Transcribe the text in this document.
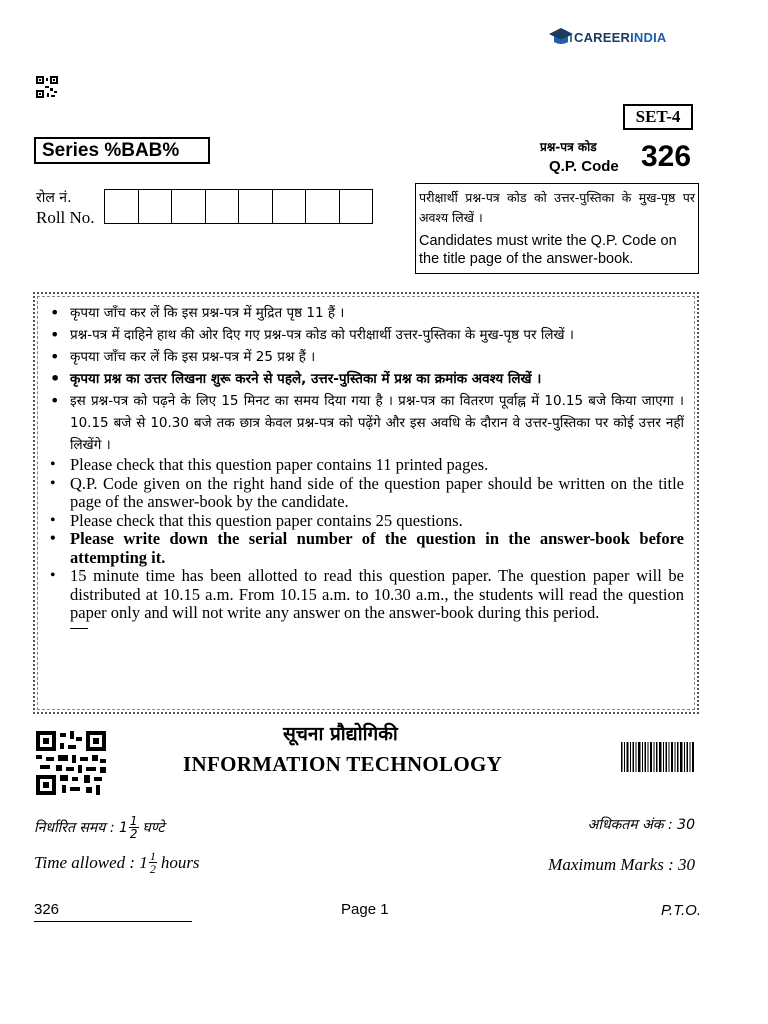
CAREERINDIA
SET-4
Series %BAB%	प्रश्न-पत्र कोड
Q.P. Code 326
रोल नं.
Roll No.
परीक्षार्थी प्रश्न-पत्र कोड को उत्तर-पुस्तिका के मुख-पृष्ठ पर अवश्य लिखें ।
Candidates must write the Q.P. Code on the title page of the answer-book.
• कृपया जाँच कर लें कि इस प्रश्न-पत्र में मुद्रित पृष्ठ 11 हैं ।
• प्रश्न-पत्र में दाहिने हाथ की ओर दिए गए प्रश्न-पत्र कोड को परीक्षार्थी उत्तर-पुस्तिका के मुख-पृष्ठ पर लिखें ।
• कृपया जाँच कर लें कि इस प्रश्न-पत्र में 25 प्रश्न हैं ।
• कृपया प्रश्न का उत्तर लिखना शुरू करने से पहले, उत्तर-पुस्तिका में प्रश्न का क्रमांक अवश्य लिखें ।
• इस प्रश्न-पत्र को पढ़ने के लिए 15 मिनट का समय दिया गया है । प्रश्न-पत्र का वितरण पूर्वाह्न में 10.15 बजे किया जाएगा । 10.15 बजे से 10.30 बजे तक छात्र केवल प्रश्न-पत्र को पढ़ेंगे और इस अवधि के दौरान वे उत्तर-पुस्तिका पर कोई उत्तर नहीं लिखेंगे ।
• Please check that this question paper contains 11 printed pages.
• Q.P. Code given on the right hand side of the question paper should be written on the title page of the answer-book by the candidate.
• Please check that this question paper contains 25 questions.
• Please write down the serial number of the question in the answer-book before attempting it.
• 15 minute time has been allotted to read this question paper. The question paper will be distributed at 10.15 a.m. From 10.15 a.m. to 10.30 a.m., the students will read the question paper only and will not write any answer on the answer-book during this period.
सूचना प्रौद्योगिकी
INFORMATION TECHNOLOGY
निर्धारित समय : $1 \frac{1}{2}$ घण्टे
Time allowed : $1 \frac{1}{2}$ hours
अधिकतम अंक : 30
Maximum Marks : 30
326	Page 1	P.T.O.
